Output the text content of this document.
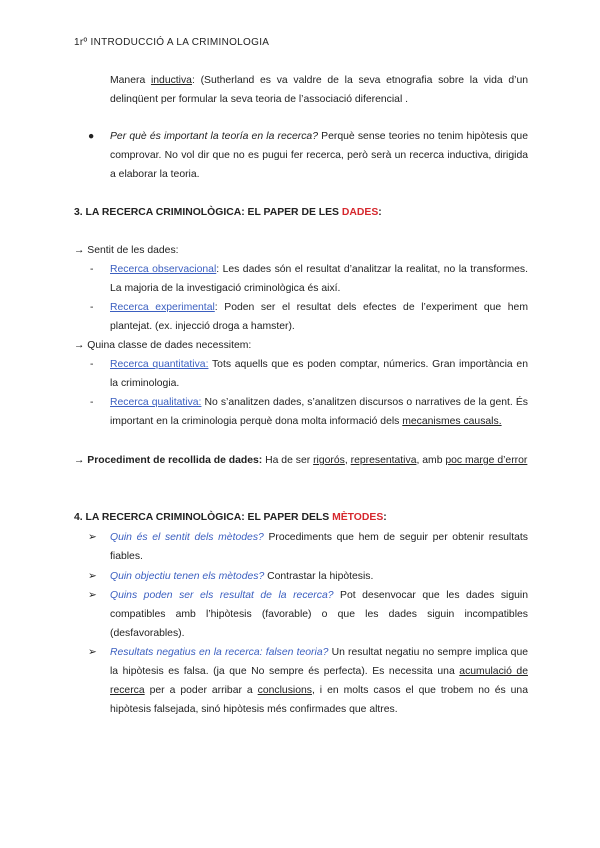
1rº INTRODUCCIÓ A LA CRIMINOLOGIA
Manera inductiva: (Sutherland es va valdre de la seva etnografia sobre la vida d’un delinqüent per formular la seva teoria de l’associació diferencial .
● Per què és important la teoría en la recerca? Perquè sense teories no tenim hipòtesis que comprovar. No vol dir que no es pugui fer recerca, però serà un recerca inductiva, dirigida a elaborar la teoria.
3. LA RECERCA CRIMINOLÒGICA: EL PAPER DE LES DADES:
→ Sentit de les dades:
- Recerca observacional: Les dades són el resultat d’analitzar la realitat, no la transformes. La majoria de la investigació criminològica és així.
- Recerca experimental: Poden ser el resultat dels efectes de l’experiment que hem plantejat. (ex. injecció droga a hamster).
→ Quina classe de dades necessitem:
- Recerca quantitativa: Tots aquells que es poden comptar, númerics. Gran importància en la criminologia.
- Recerca qualitativa: No s’analitzen dades, s’analitzen discursos o narratives de la gent. És important en la criminologia perquè dona molta informació dels mecanismes causals.
→ Procediment de recollida de dades: Ha de ser rigorós, representativa, amb poc marge d’error
4. LA RECERCA CRIMINOLÒGICA: EL PAPER DELS MÈTODES:
➢ Quin és el sentit dels mètodes? Procediments que hem de seguir per obtenir resultats fiables.
➢ Quin objectiu tenen els mètodes? Contrastar la hipòtesis.
➢ Quins poden ser els resultat de la recerca? Pot desenvocar que les dades siguin compatibles amb l’hipòtesis (favorable) o que les dades siguin incompatibles (desfavorables).
➢ Resultats negatius en la recerca: falsen teoria? Un resultat negatiu no sempre implica que la hipòtesis es falsa. (ja que No sempre és perfecta). Es necessita una acumulació de recerca per a poder arribar a conclusions, i en molts casos el que trobem no és una hipòtesis falsejada, sinó hipòtesis més confirmades que altres.
